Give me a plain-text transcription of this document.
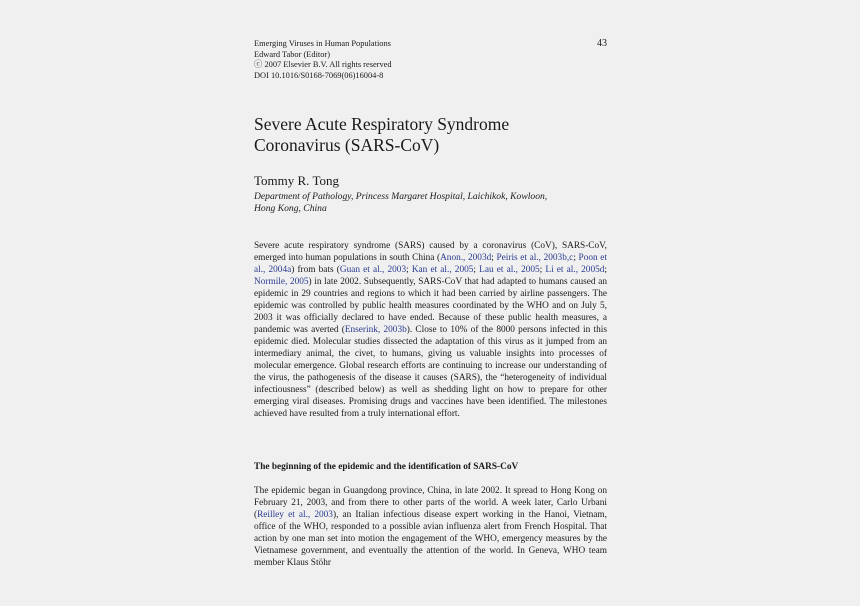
Emerging Viruses in Human Populations
Edward Tabor (Editor)
ⓒ 2007 Elsevier B.V. All rights reserved
DOI 10.1016/S0168-7069(06)16004-8
43
Severe Acute Respiratory Syndrome
Coronavirus (SARS-CoV)
Tommy R. Tong
Department of Pathology, Princess Margaret Hospital, Laichikok, Kowloon,
Hong Kong, China

Severe acute respiratory syndrome (SARS) caused by a coronavirus (CoV), SARS-CoV, emerged into human populations in south China (Anon., 2003d; Peiris et al., 2003b,c; Poon et al., 2004a) from bats (Guan et al., 2003; Kan et al., 2005; Lau et al., 2005; Li et al., 2005d; Normile, 2005) in late 2002. Subsequently, SARS-CoV that had adapted to humans caused an epidemic in 29 countries and regions to which it had been carried by airline passengers. The epidemic was controlled by public health measures coordinated by the WHO and on July 5, 2003 it was officially declared to have ended. Because of these public health measures, a pandemic was averted (Enserink, 2003b). Close to 10% of the 8000 persons infected in this epidemic died. Molecular studies dissected the adaptation of this virus as it jumped from an intermediary animal, the civet, to humans, giving us valuable insights into processes of molecular emergence. Global research efforts are continuing to increase our understanding of the virus, the pathogenesis of the disease it causes (SARS), the “heterogeneity of individual infectiousness” (described below) as well as shedding light on how to prepare for other emerging viral diseases. Promising drugs and vaccines have been identified. The milestones achieved have resulted from a truly international effort.

The beginning of the epidemic and the identification of SARS-CoV

The epidemic began in Guangdong province, China, in late 2002. It spread to Hong Kong on February 21, 2003, and from there to other parts of the world. A week later, Carlo Urbani (Reilley et al., 2003), an Italian infectious disease expert working in the Hanoi, Vietnam, office of the WHO, responded to a possible avian influenza alert from French Hospital. That action by one man set into motion the engagement of the WHO, emergency measures by the Vietnamese government, and eventually the attention of the world. In Geneva, WHO team member Klaus Stöhr
